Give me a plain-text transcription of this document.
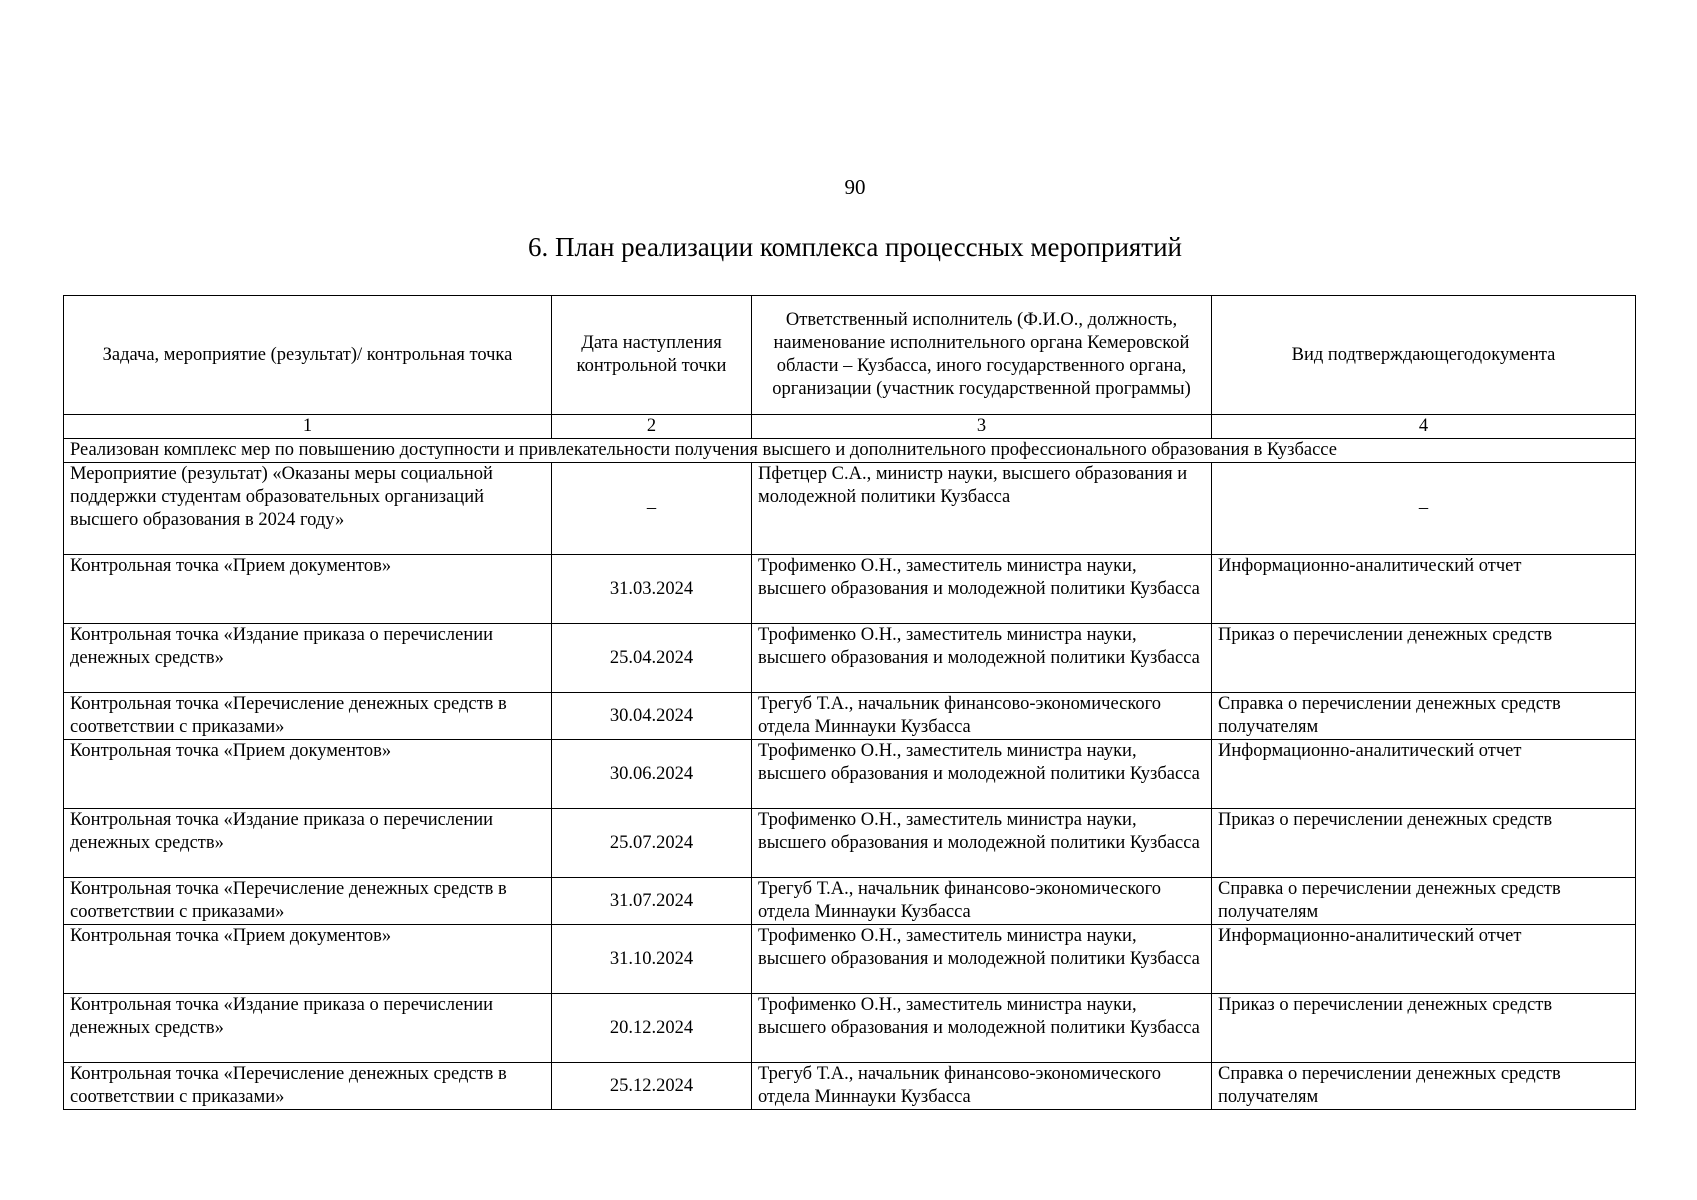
90
6. План реализации комплекса процессных мероприятий
Задача, мероприятие (результат)/ контрольная точка	Дата наступления контрольной точки	Ответственный исполнитель (Ф.И.О., должность, наименование исполнительного органа Кемеровской области – Кузбасса, иного государственного органа, организации (участник государственной программы)	Вид подтверждающегодокумента
1	2	3	4
Реализован комплекс мер по повышению доступности и привлекательности получения высшего и дополнительного профессионального образования в Кузбассе			
Мероприятие (результат) «Оказаны меры социальной поддержки студентам образовательных организаций высшего образования в 2024 году»	–	Пфетцер С.А., министр науки, высшего образования и молодежной политики Кузбасса	–
Контрольная точка «Прием документов»	31.03.2024	Трофименко О.Н., заместитель министра науки, высшего образования и молодежной политики Кузбасса	Информационно-аналитический отчет
Контрольная точка «Издание приказа о перечислении денежных средств»	25.04.2024	Трофименко О.Н., заместитель министра науки, высшего образования и молодежной политики Кузбасса	Приказ о перечислении денежных средств
Контрольная точка «Перечисление денежных средств в соответствии с приказами»	30.04.2024	Трегуб Т.А., начальник финансово-экономического отдела Миннауки Кузбасса	Справка о перечислении денежных средств получателям
Контрольная точка «Прием документов»	30.06.2024	Трофименко О.Н., заместитель министра науки, высшего образования и молодежной политики Кузбасса	Информационно-аналитический отчет
Контрольная точка «Издание приказа о перечислении денежных средств»	25.07.2024	Трофименко О.Н., заместитель министра науки, высшего образования и молодежной политики Кузбасса	Приказ о перечислении денежных средств
Контрольная точка «Перечисление денежных средств в соответствии с приказами»	31.07.2024	Трегуб Т.А., начальник финансово-экономического отдела Миннауки Кузбасса	Справка о перечислении денежных средств получателям
Контрольная точка «Прием документов»	31.10.2024	Трофименко О.Н., заместитель министра науки, высшего образования и молодежной политики Кузбасса	Информационно-аналитический отчет
Контрольная точка «Издание приказа о перечислении денежных средств»	20.12.2024	Трофименко О.Н., заместитель министра науки, высшего образования и молодежной политики Кузбасса	Приказ о перечислении денежных средств
Контрольная точка «Перечисление денежных средств в соответствии с приказами»	25.12.2024	Трегуб Т.А., начальник финансово-экономического отдела Миннауки Кузбасса	Справка о перечислении денежных средств получателям
